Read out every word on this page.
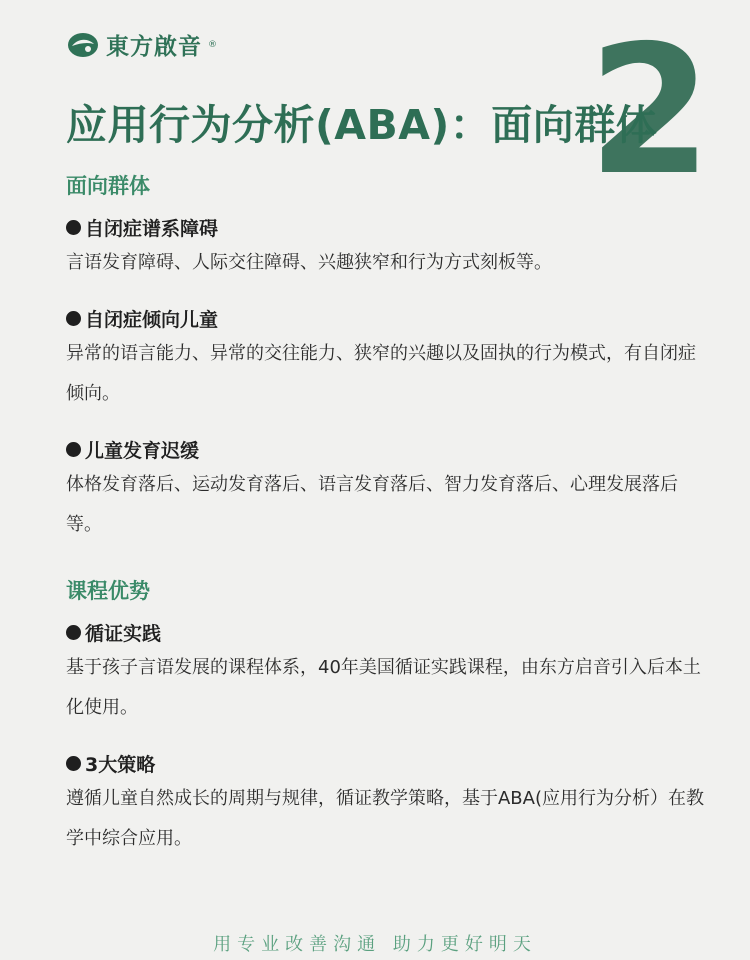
東方啟音 ® 2
应用行为分析(ABA)：面向群体
面向群体
自闭症谱系障碍

言语发育障碍、人际交往障碍、兴趣狭窄和行为方式刻板等。

自闭症倾向儿童

异常的语言能力、异常的交往能力、狭窄的兴趣以及固执的行为模式，有自闭症倾向。

儿童发育迟缓

体格发育落后、运动发育落后、语言发育落后、智力发育落后、心理发展落后等。

课程优势
循证实践

基于孩子言语发展的课程体系，40年美国循证实践课程，由东方启音引入后本土化使用。

3大策略

遵循儿童自然成长的周期与规律，循证教学策略，基于ABA(应用行为分析）在教学中综合应用。

用专业改善沟通 助力更好明天
